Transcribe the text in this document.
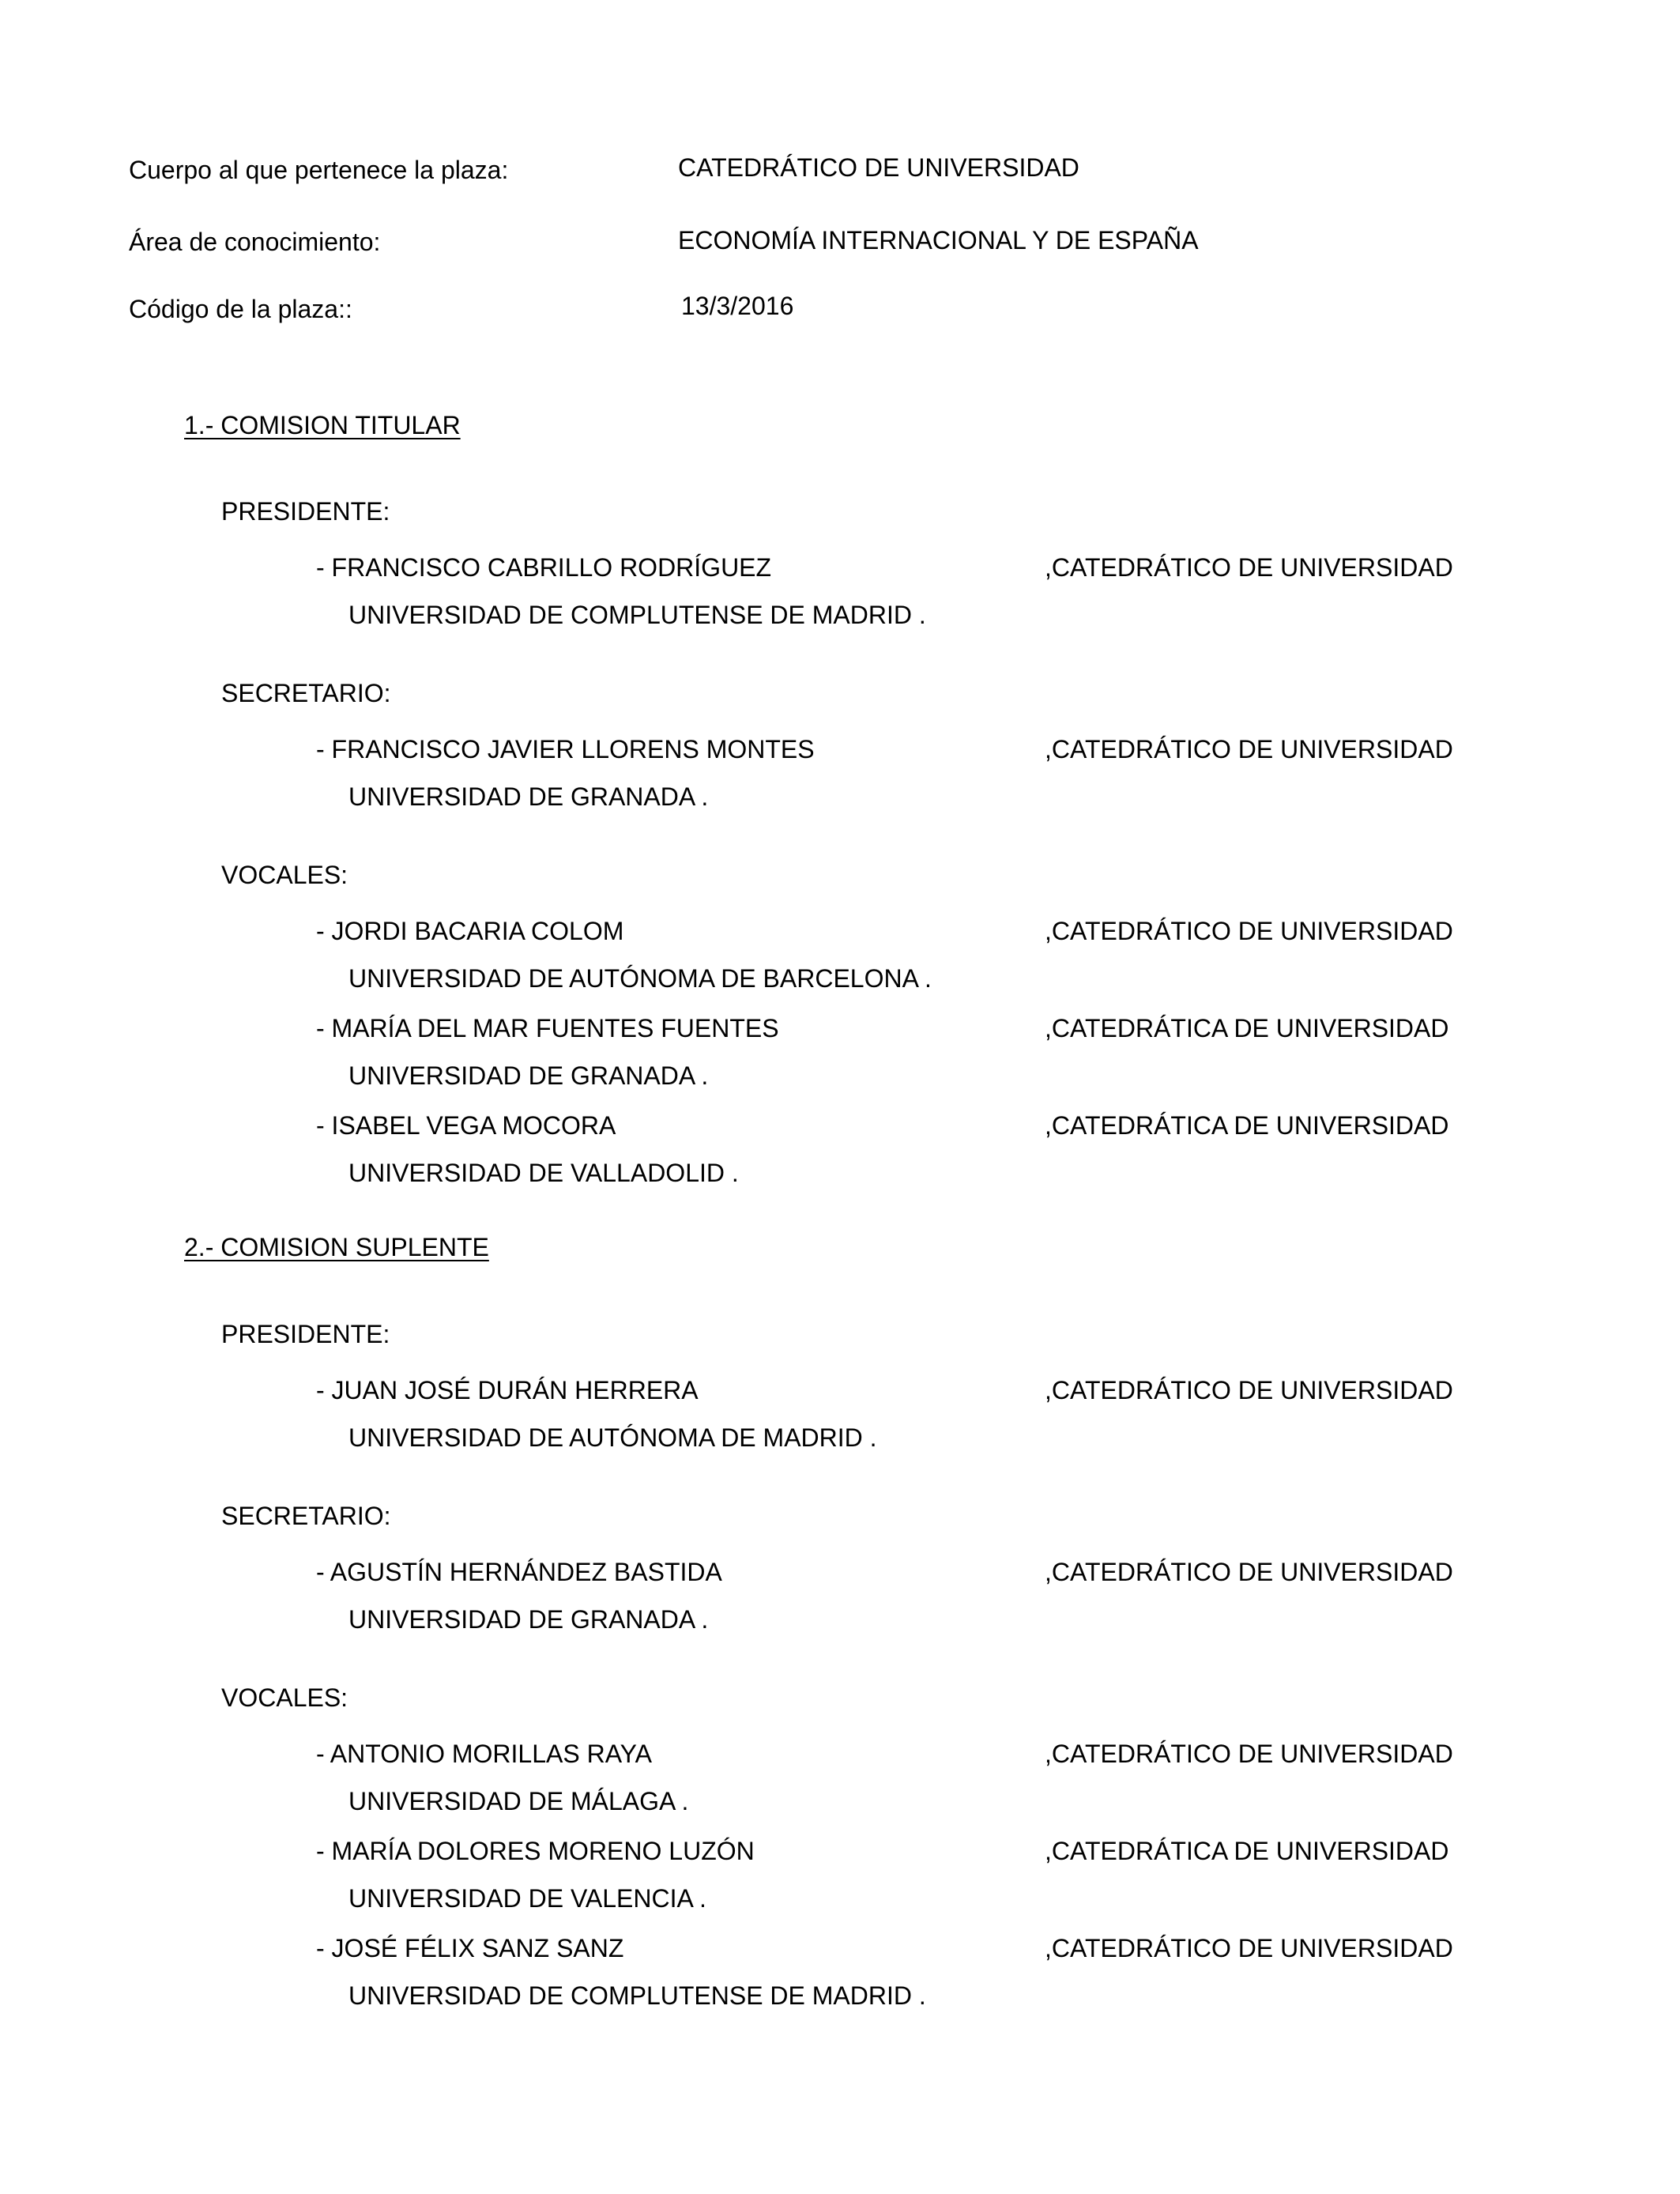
Cuerpo al que pertenece la plaza:	CATEDRÁTICO DE UNIVERSIDAD
Área de conocimiento:	ECONOMÍA INTERNACIONAL Y DE ESPAÑA
Código de la plaza::	13/3/2016
1.- COMISION TITULAR
PRESIDENTE:
- FRANCISCO CABRILLO RODRÍGUEZ	,CATEDRÁTICO DE UNIVERSIDAD
UNIVERSIDAD DE COMPLUTENSE DE MADRID .
SECRETARIO:
- FRANCISCO JAVIER LLORENS MONTES	,CATEDRÁTICO DE UNIVERSIDAD
UNIVERSIDAD DE GRANADA .
VOCALES:
- JORDI BACARIA COLOM	,CATEDRÁTICO DE UNIVERSIDAD
UNIVERSIDAD DE AUTÓNOMA DE BARCELONA .
- MARÍA DEL MAR FUENTES FUENTES	,CATEDRÁTICA DE UNIVERSIDAD
UNIVERSIDAD DE GRANADA .
- ISABEL VEGA MOCORA	,CATEDRÁTICA DE UNIVERSIDAD
UNIVERSIDAD DE VALLADOLID .
2.- COMISION SUPLENTE
PRESIDENTE:
- JUAN JOSÉ DURÁN HERRERA	,CATEDRÁTICO DE UNIVERSIDAD
UNIVERSIDAD DE AUTÓNOMA DE MADRID .
SECRETARIO:
- AGUSTÍN HERNÁNDEZ BASTIDA	,CATEDRÁTICO DE UNIVERSIDAD
UNIVERSIDAD DE GRANADA .
VOCALES:
- ANTONIO MORILLAS RAYA	,CATEDRÁTICO DE UNIVERSIDAD
UNIVERSIDAD DE MÁLAGA .
- MARÍA DOLORES MORENO LUZÓN	,CATEDRÁTICA DE UNIVERSIDAD
UNIVERSIDAD DE VALENCIA .
- JOSÉ FÉLIX SANZ SANZ	,CATEDRÁTICO DE UNIVERSIDAD
UNIVERSIDAD DE COMPLUTENSE DE MADRID .
